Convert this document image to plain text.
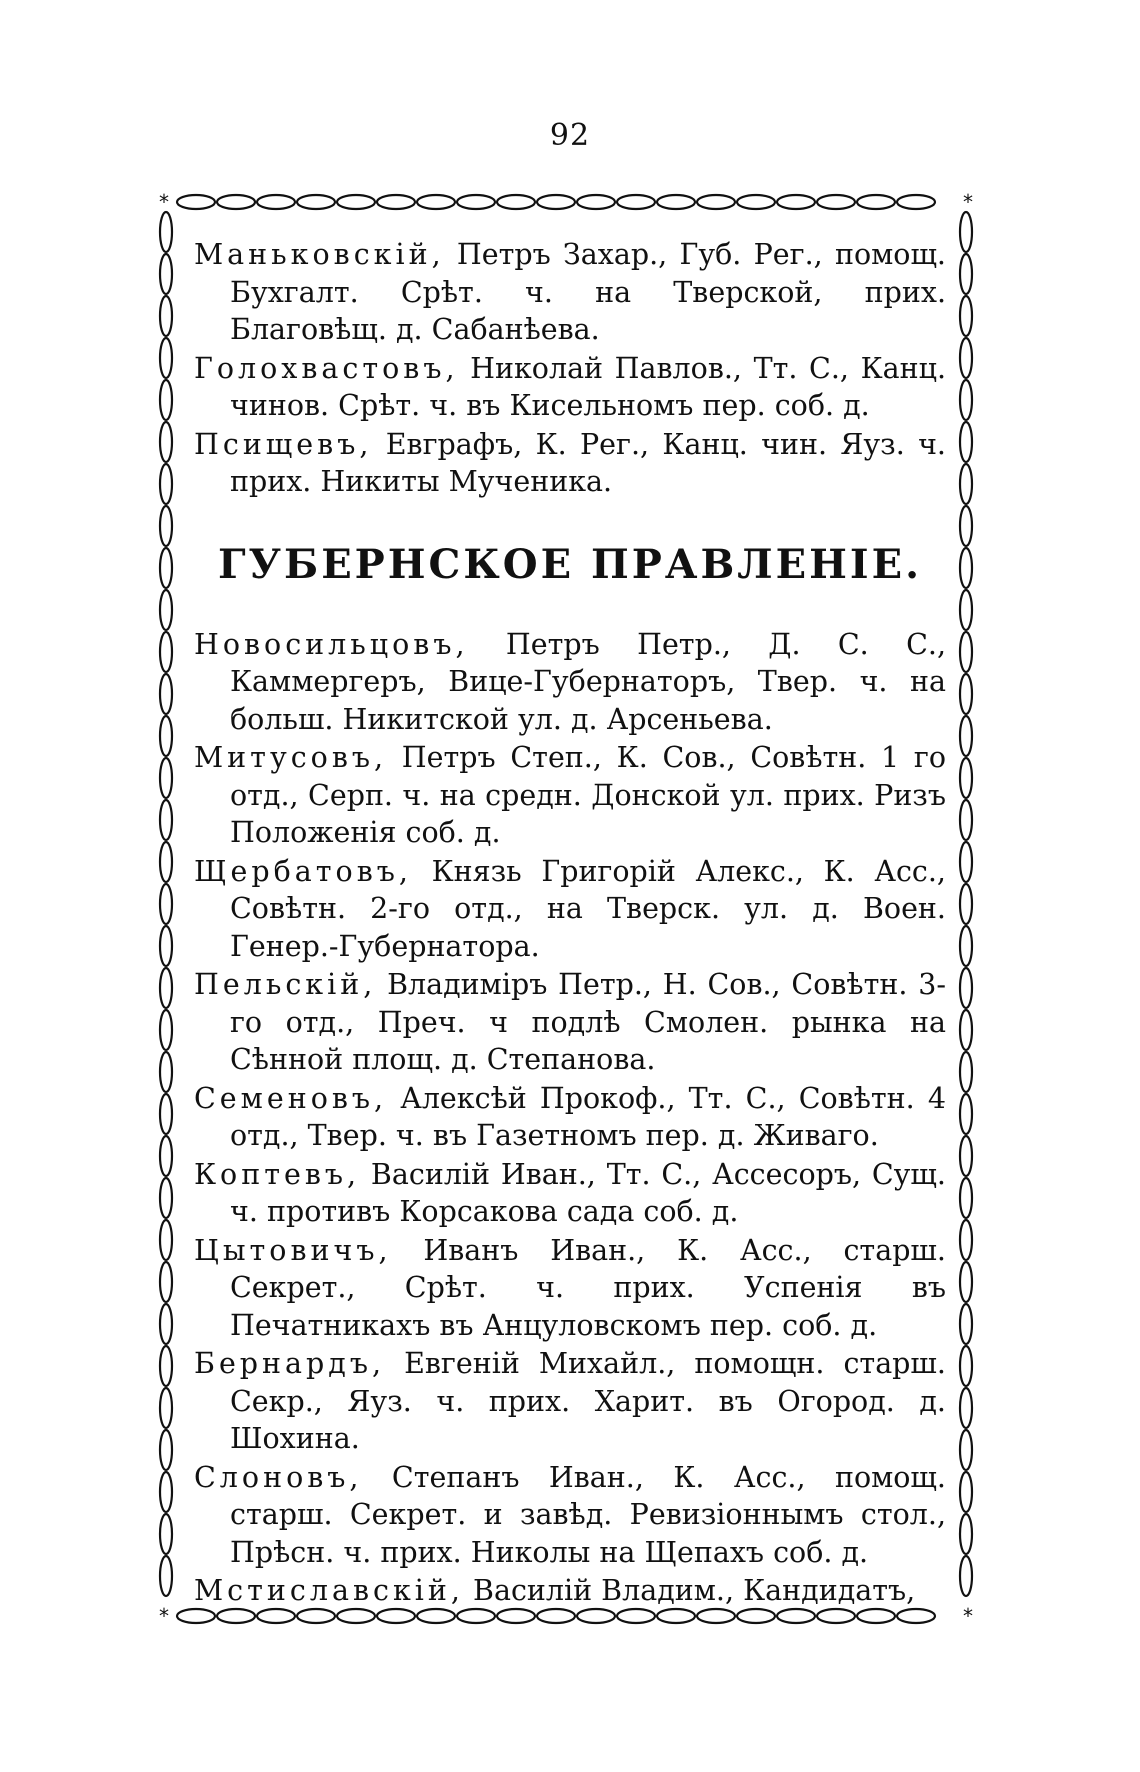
92
*	*
*	*
Маньковскій, Петръ Захар., Губ. Рег., помощ. Бухгалт. Срѣт. ч. на Тверской, прих. Благовѣщ. д. Сабанѣева.
Голохвастовъ, Николай Павлов., Тт. С., Канц. чинов. Срѣт. ч. въ Кисельномъ пер. соб. д.
Псищевъ, Евграфъ, К. Рег., Канц. чин. Яуз. ч. прих. Никиты Мученика.
ГУБЕРНСКОЕ ПРАВЛЕНІЕ.
Новосильцовъ, Петръ Петр., Д. С. С., Каммергеръ, Вице-Губернаторъ, Твер. ч. на больш. Никитской ул. д. Арсеньева.
Митусовъ, Петръ Степ., К. Сов., Совѣтн. 1 го отд., Серп. ч. на средн. Донской ул. прих. Ризъ Положенія соб. д.
Щербатовъ, Князь Григорій Алекс., К. Асс., Совѣтн. 2-го отд., на Тверск. ул. д. Воен. Генер.-Губернатора.
Пельскій, Владиміръ Петр., Н. Сов., Совѣтн. 3-го отд., Преч. ч подлѣ Смолен. рынка на Сѣнной площ. д. Степанова.
Семеновъ, Алексѣй Прокоф., Тт. С., Совѣтн. 4 отд., Твер. ч. въ Газетномъ пер. д. Живаго.
Коптевъ, Василій Иван., Тт. С., Ассесоръ, Сущ. ч. противъ Корсакова сада соб. д.
Цытовичъ, Иванъ Иван., К. Асс., старш. Секрет., Срѣт. ч. прих. Успенія въ Печатникахъ въ Анцуловскомъ пер. соб. д.
Бернардъ, Евгеній Михайл., помощн. старш. Секр., Яуз. ч. прих. Харит. въ Огород. д. Шохина.
Слоновъ, Степанъ Иван., К. Асс., помощ. старш. Секрет. и завѣд. Ревизіоннымъ стол., Прѣсн. ч. прих. Николы на Щепахъ соб. д.
Мстиславскій, Василій Владим., Кандидатъ,
